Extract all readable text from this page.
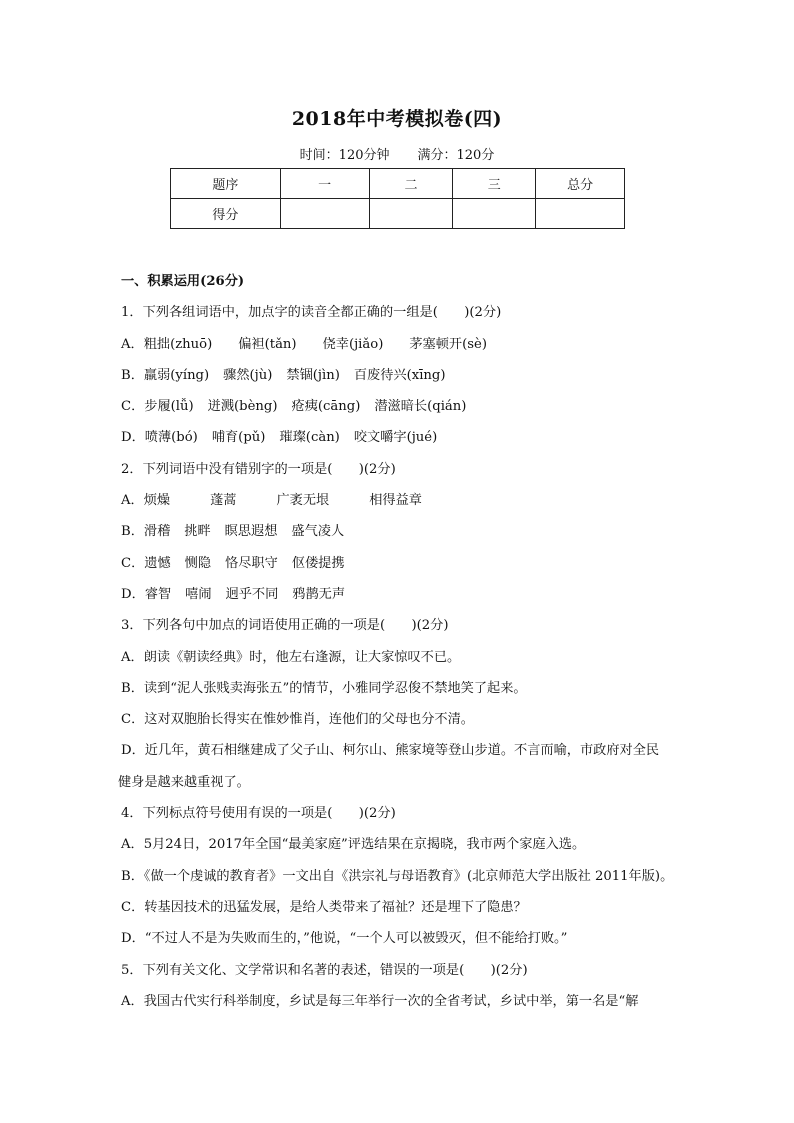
2018年中考模拟卷(四)
时间：120分钟 满分：120分
题序	一	二	三	总分
得分				
一、积累运用(26分)
1．下列各组词语中，加点字的读音全都正确的一组是(　　)(2分)
A．粗拙(zhuō) 偏袒(tǎn) 侥幸(jiǎo) 茅塞顿开(sè)
B．羸弱(yíng) 骤然(jù) 禁锢(jìn) 百废待兴(xīng)
C．步履(lǚ) 迸溅(bèng) 疮痍(cāng) 潜滋暗长(qián)
D．喷薄(bó) 哺育(pǔ) 璀璨(càn) 咬文嚼字(jué)
2．下列词语中没有错别字的一项是(　　)(2分)
A．烦燥	蓬蒿	广袤无垠	相得益章
B．滑稽 挑畔 瞑思遐想 盛气凌人
C．遗憾 恻隐 恪尽职守 伛偻提携
D．睿智 嘻闹 迥乎不同 鸦鹊无声
3．下列各句中加点的词语使用正确的一项是(　　)(2分)
A．朗读《朝读经典》时，他左右逢源，让大家惊叹不已。
B．读到“泥人张贱卖海张五”的情节，小雅同学忍俊不禁地笑了起来。
C．这对双胞胎长得实在惟妙惟肖，连他们的父母也分不清。
D．近几年，黄石相继建成了父子山、柯尔山、熊家境等登山步道。不言而喻，市政府对全民
健身是越来越重视了。
4．下列标点符号使用有误的一项是(　　)(2分)
A．5月24日，2017年全国“最美家庭”评选结果在京揭晓，我市两个家庭入选。
B．《做一个虔诚的教育者》一文出自《洪宗礼与母语教育》(北京师范大学出版社 2011年版)。
C．转基因技术的迅猛发展，是给人类带来了福祉？还是埋下了隐患？
D．“不过人不是为失败而生的，”他说，“一个人可以被毁灭，但不能给打败。”
5．下列有关文化、文学常识和名著的表述，错误的一项是(　　)(2分)
A．我国古代实行科举制度，乡试是每三年举行一次的全省考试，乡试中举，第一名是“解
